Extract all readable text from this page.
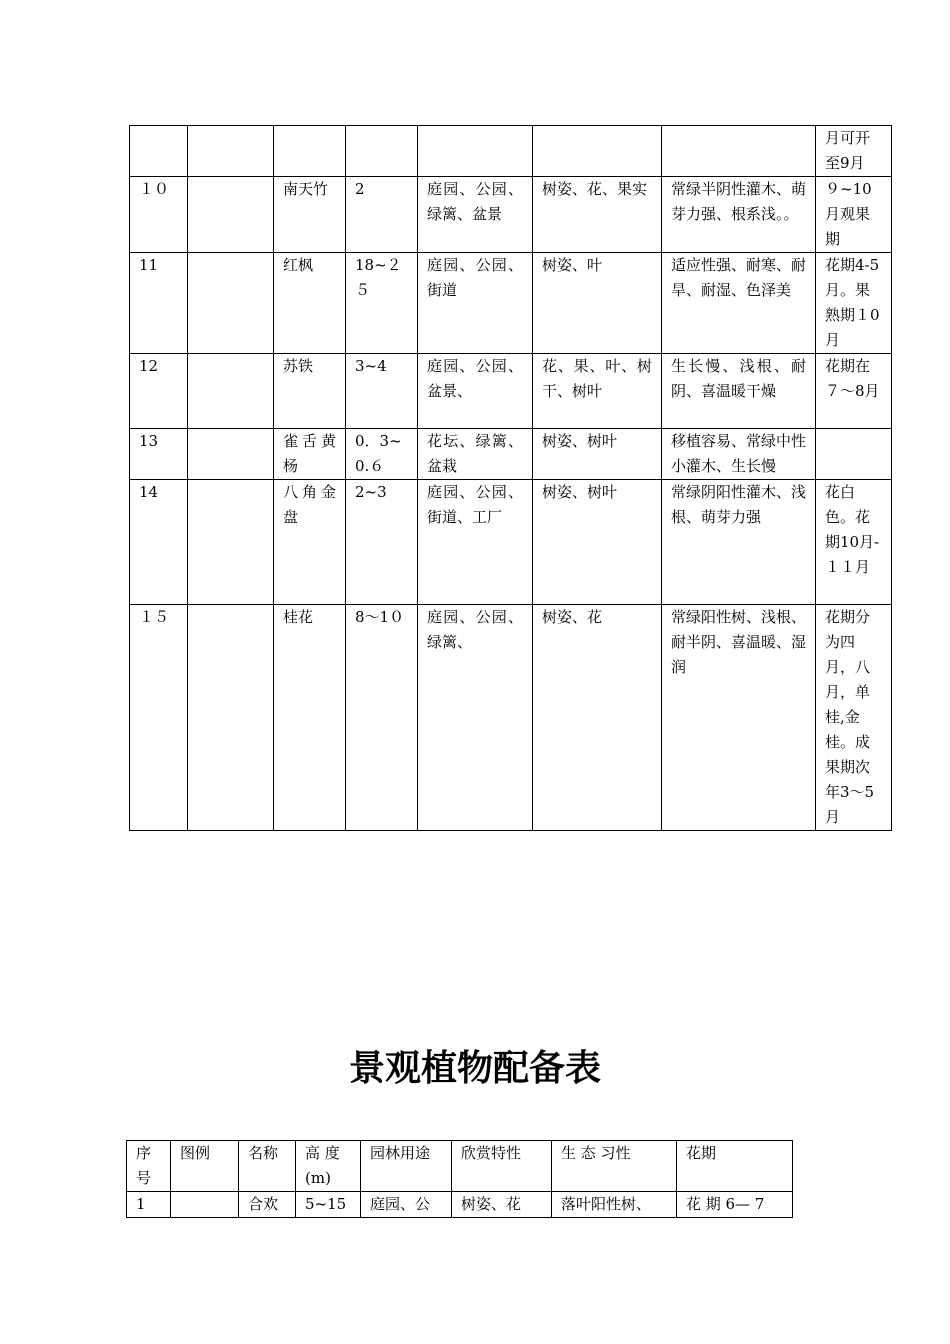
							月可开至9月
１０		南天竹	2	庭园、公园、绿篱、盆景	树姿、花、果实	常绿半阴性灌木、萌芽力强、根系浅。。	９~10月观果期
11		红枫	18~２５	庭园、公园、街道	树姿、叶	适应性强、耐寒、耐旱、耐湿、色泽美	花期4-5月。果熟期１0月
12		苏铁	3~4	庭园、公园、盆景、	花、果、叶、树干、树叶	生长慢、浅根、耐阴、喜温暖干燥	花期在７～8月
13		雀舌黄杨	0．3~0.６	花坛、绿篱、盆栽	树姿、树叶	移植容易、常绿中性小灌木、生长慢	
14		八角金盘	2~3	庭园、公园、街道、工厂	树姿、树叶	常绿阴阳性灌木、浅根、萌芽力强	花白色。花期10月-１１月
１５		桂花	8～1０	庭园、公园、绿篱、	树姿、花	常绿阳性树、浅根、耐半阴、喜温暖、湿润	花期分为四月，八月，单桂,金桂。成果期次年3～5月
景观植物配备表
序号	图例	名称	高 度(m)	园林用途	欣赏特性	生 态 习性	花期
1		合欢	5~15	庭园、公	树姿、花	落叶阳性树、	花 期 6— 7
